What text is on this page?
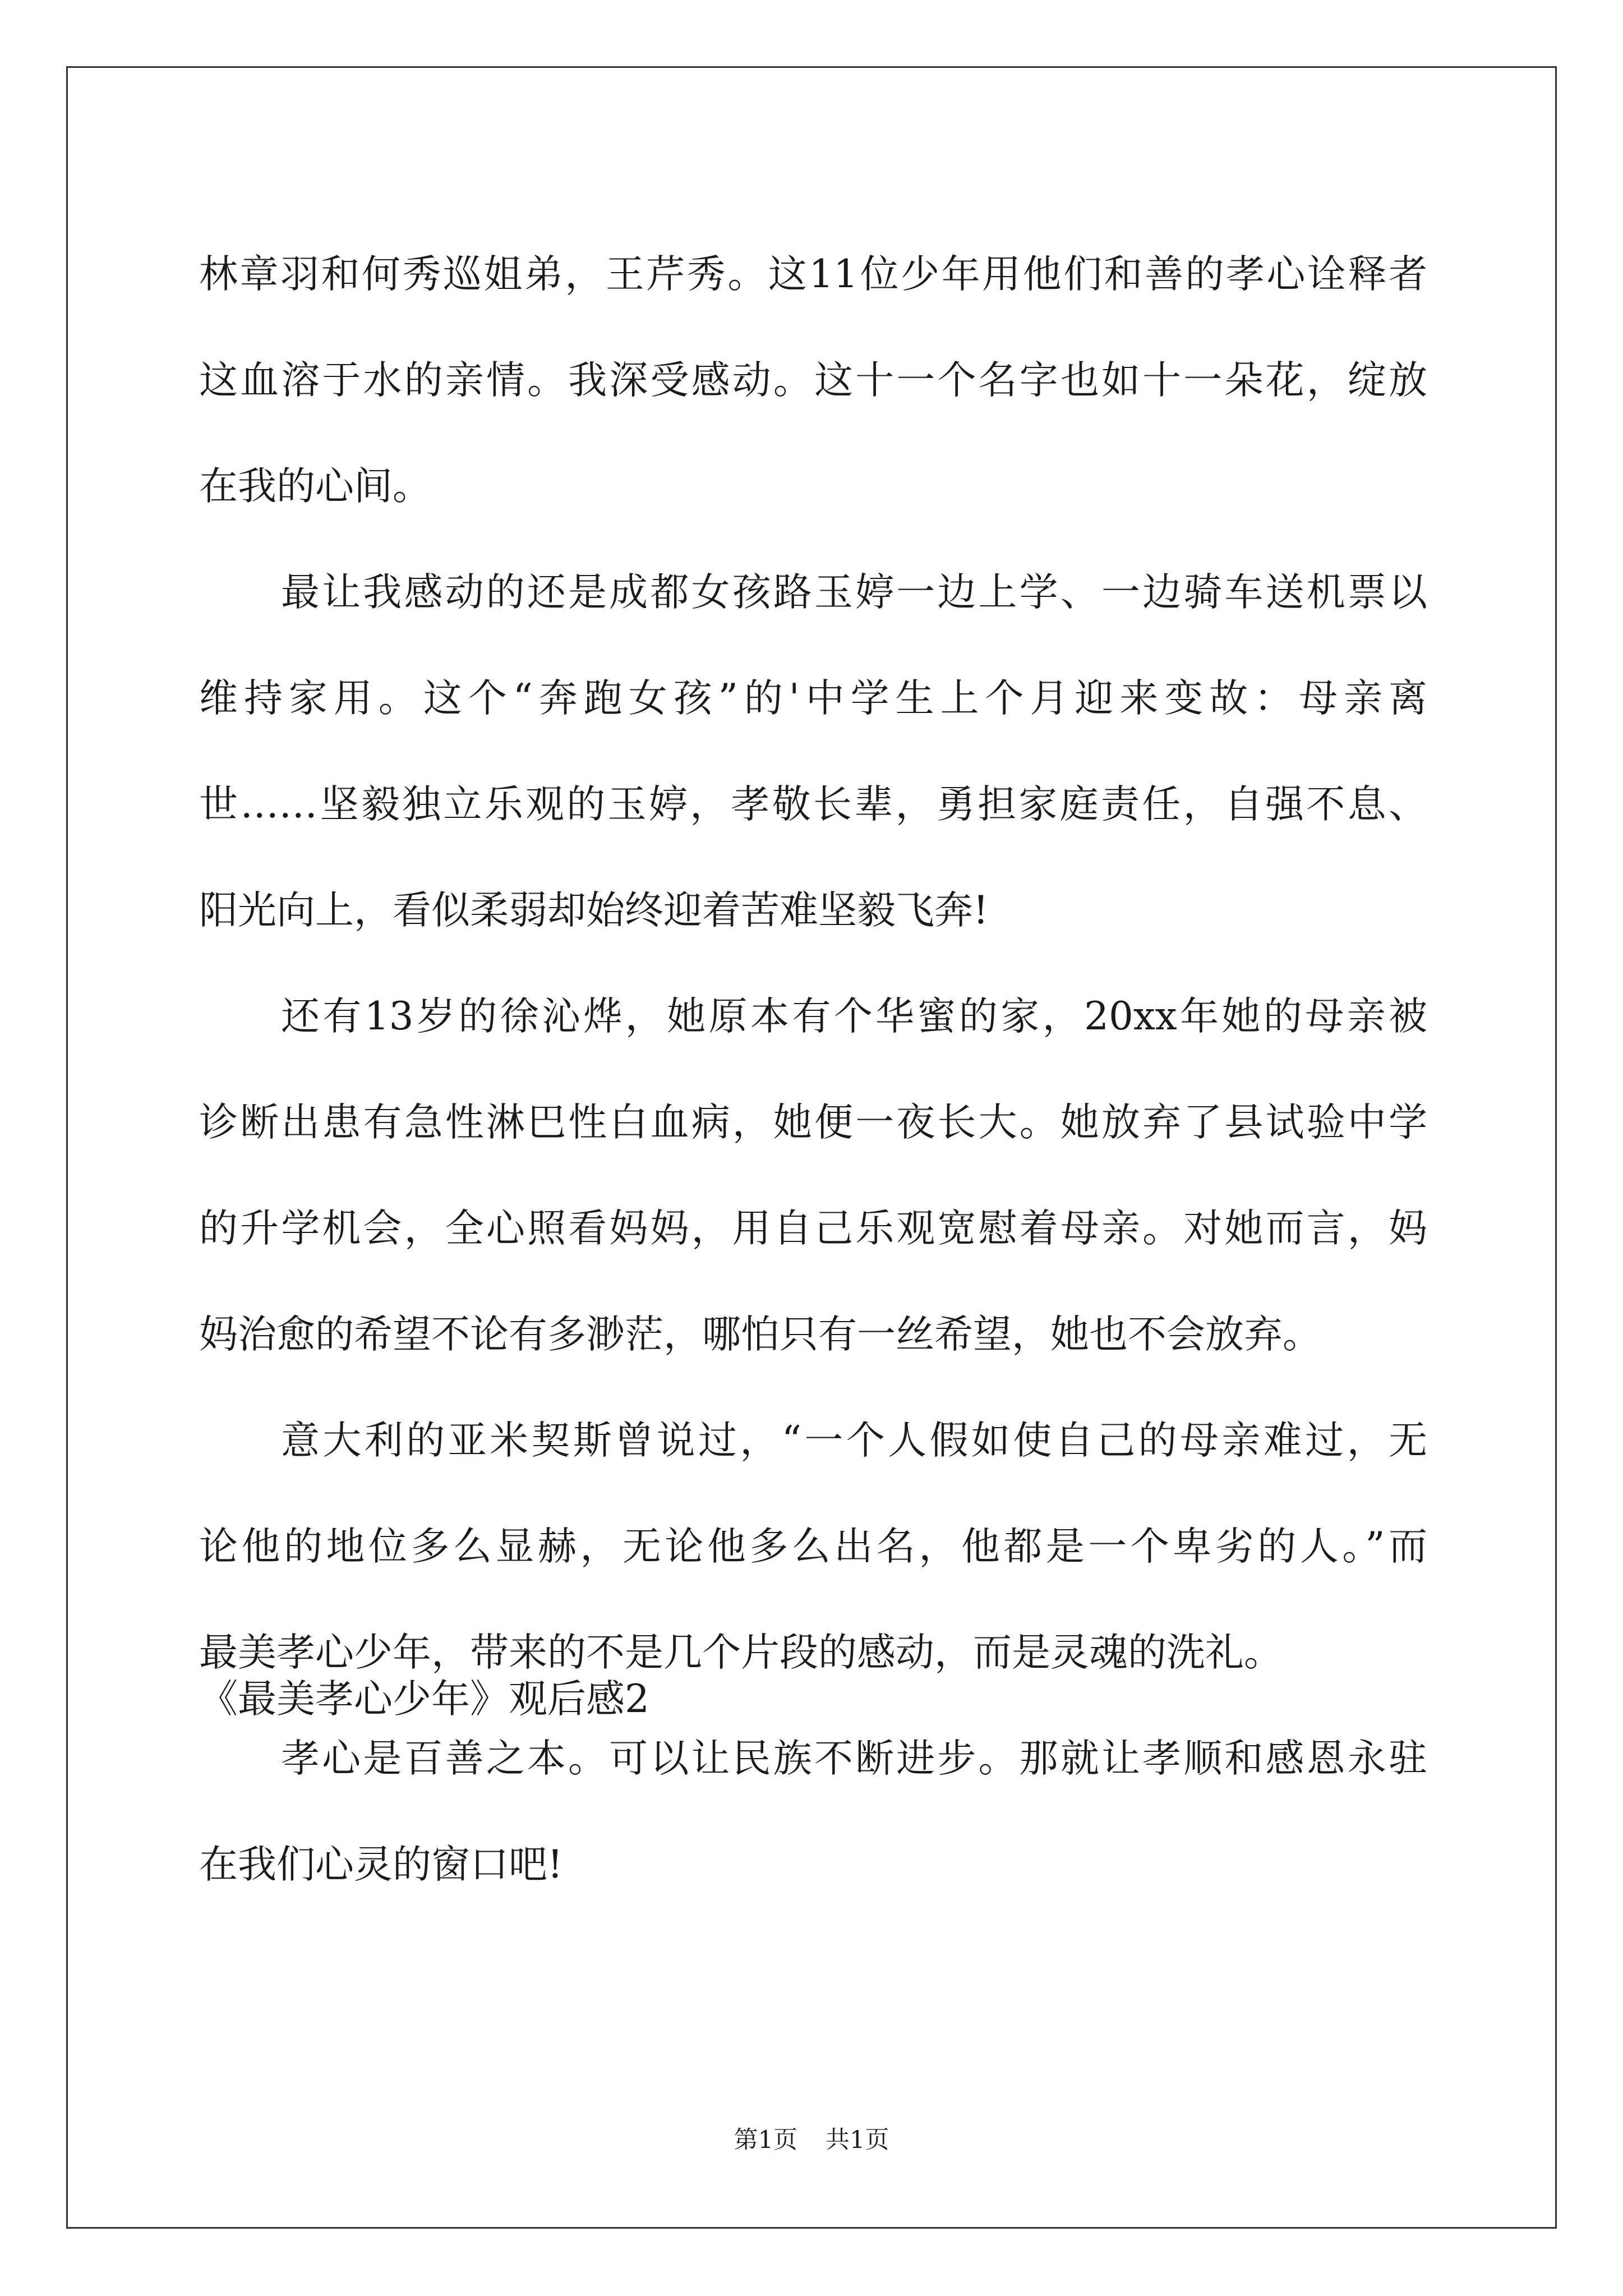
林章羽和何秀巡姐弟，王芹秀。这11位少年用他们和善的孝心诠释者
这血溶于水的亲情。我深受感动。这十一个名字也如十一朵花，绽放
在我的心间。
最让我感动的还是成都女孩路玉婷一边上学、一边骑车送机票以
维持家用。这个“奔跑女孩”的'中学生上个月迎来变故：母亲离
世……坚毅独立乐观的玉婷，孝敬长辈，勇担家庭责任，自强不息、
阳光向上，看似柔弱却始终迎着苦难坚毅飞奔!
还有13岁的徐沁烨，她原本有个华蜜的家，20xx年她的母亲被
诊断出患有急性淋巴性白血病，她便一夜长大。她放弃了县试验中学
的升学机会，全心照看妈妈，用自己乐观宽慰着母亲。对她而言，妈
妈治愈的希望不论有多渺茫，哪怕只有一丝希望，她也不会放弃。
意大利的亚米契斯曾说过，“一个人假如使自己的母亲难过，无
论他的地位多么显赫，无论他多么出名，他都是一个卑劣的人。”而
最美孝心少年，带来的不是几个片段的感动，而是灵魂的洗礼。
孝心是百善之本。可以让民族不断进步。那就让孝顺和感恩永驻
在我们心灵的窗口吧!
《最美孝心少年》观后感2
第1页 共1页
